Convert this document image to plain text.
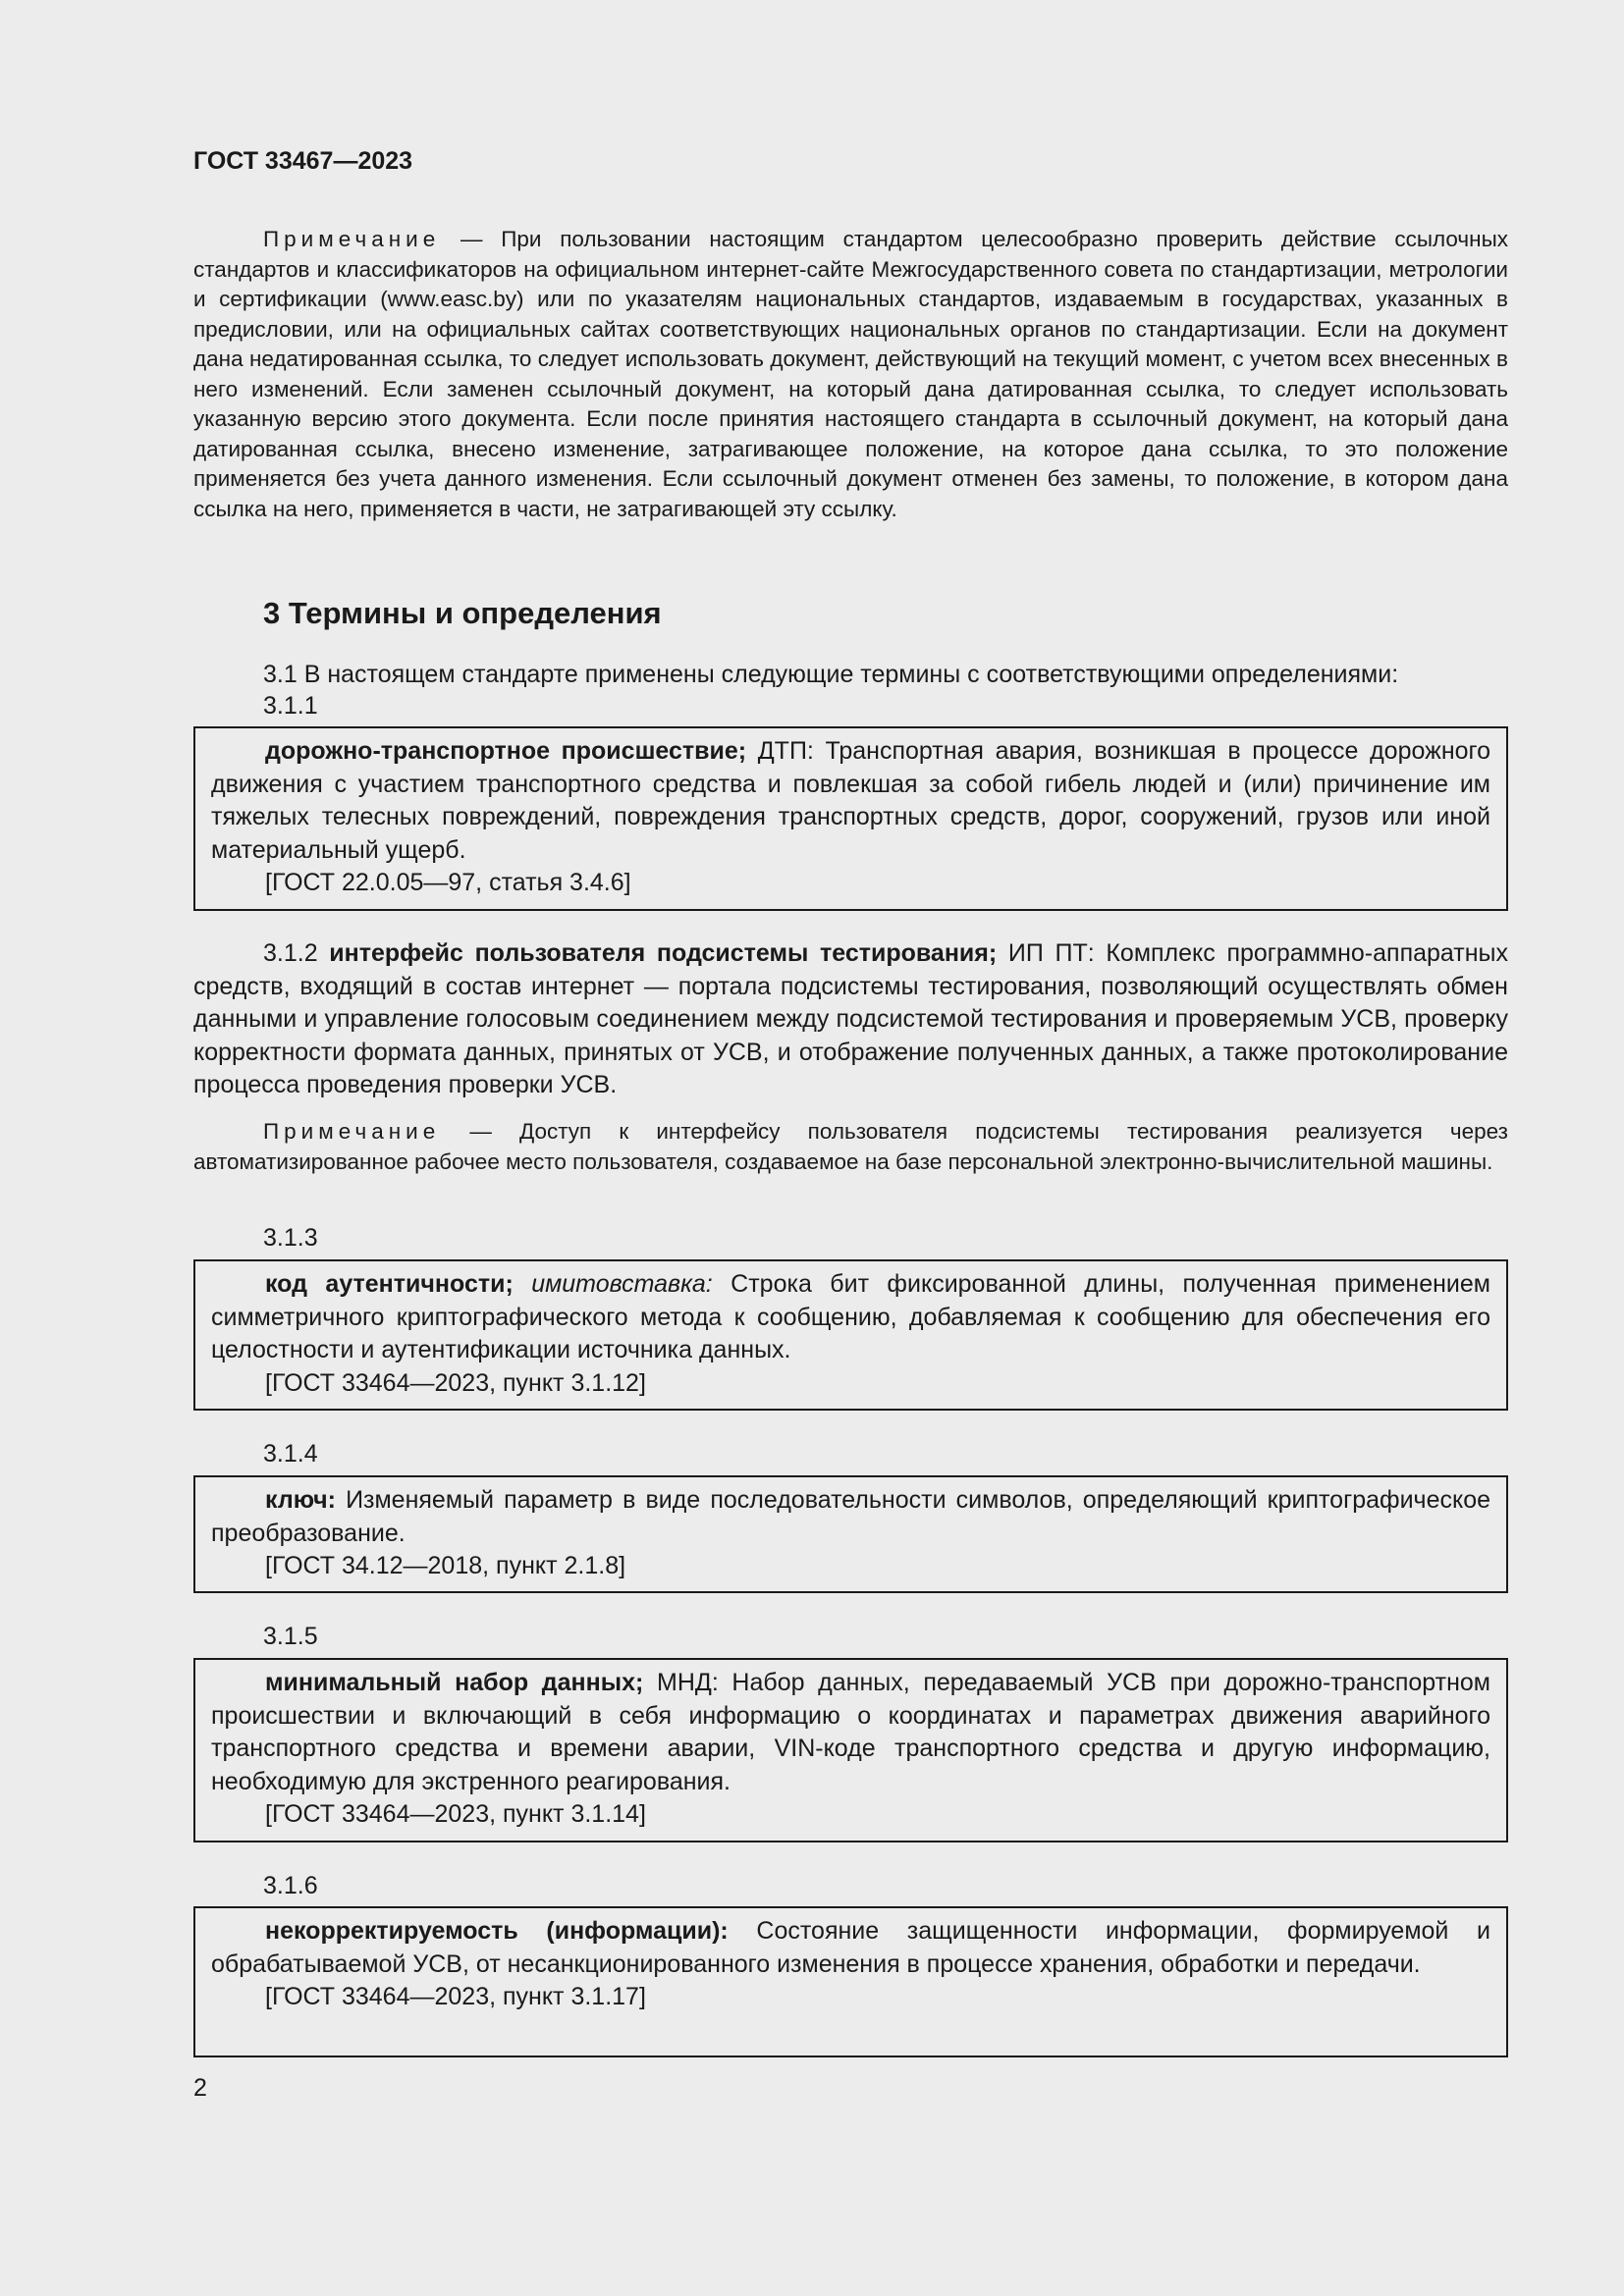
ГОСТ 33467—2023
Примечание — При пользовании настоящим стандартом целесообразно проверить действие ссылочных стандартов и классификаторов на официальном интернет-сайте Межгосударственного совета по стандартизации, метрологии и сертификации (www.easc.by) или по указателям национальных стандартов, издаваемым в государствах, указанных в предисловии, или на официальных сайтах соответствующих национальных органов по стандартизации. Если на документ дана недатированная ссылка, то следует использовать документ, действующий на текущий момент, с учетом всех внесенных в него изменений. Если заменен ссылочный документ, на который дана датированная ссылка, то следует использовать указанную версию этого документа. Если после принятия настоящего стандарта в ссылочный документ, на который дана датированная ссылка, внесено изменение, затрагивающее положение, на которое дана ссылка, то это положение применяется без учета данного изменения. Если ссылочный документ отменен без замены, то положение, в котором дана ссылка на него, применяется в части, не затрагивающей эту ссылку.
3 Термины и определения
3.1 В настоящем стандарте применены следующие термины с соответствующими определениями:
3.1.1

дорожно-транспортное происшествие; ДТП: Транспортная авария, возникшая в процессе дорожного движения с участием транспортного средства и повлекшая за собой гибель людей и (или) причинение им тяжелых телесных повреждений, повреждения транспортных средств, дорог, сооружений, грузов или иной материальный ущерб.

[ГОСТ 22.0.05—97, статья 3.4.6]
3.1.2 интерфейс пользователя подсистемы тестирования; ИП ПТ: Комплекс программно-аппаратных средств, входящий в состав интернет — портала подсистемы тестирования, позволяющий осуществлять обмен данными и управление голосовым соединением между подсистемой тестирования и проверяемым УСВ, проверку корректности формата данных, принятых от УСВ, и отображение полученных данных, а также протоколирование процесса проведения проверки УСВ.
Примечание — Доступ к интерфейсу пользователя подсистемы тестирования реализуется через автоматизированное рабочее место пользователя, создаваемое на базе персональной электронно-вычислительной машины.
3.1.3

код аутентичности; имитовставка: Строка бит фиксированной длины, полученная применением симметричного криптографического метода к сообщению, добавляемая к сообщению для обеспечения его целостности и аутентификации источника данных.

[ГОСТ 33464—2023, пункт 3.1.12]
3.1.4

ключ: Изменяемый параметр в виде последовательности символов, определяющий криптографическое преобразование.

[ГОСТ 34.12—2018, пункт 2.1.8]
3.1.5

минимальный набор данных; МНД: Набор данных, передаваемый УСВ при дорожно-транспортном происшествии и включающий в себя информацию о координатах и параметрах движения аварийного транспортного средства и времени аварии, VIN-коде транспортного средства и другую информацию, необходимую для экстренного реагирования.

[ГОСТ 33464—2023, пункт 3.1.14]
3.1.6

некорректируемость (информации): Состояние защищенности информации, формируемой и обрабатываемой УСВ, от несанкционированного изменения в процессе хранения, обработки и передачи.

[ГОСТ 33464—2023, пункт 3.1.17]
2
